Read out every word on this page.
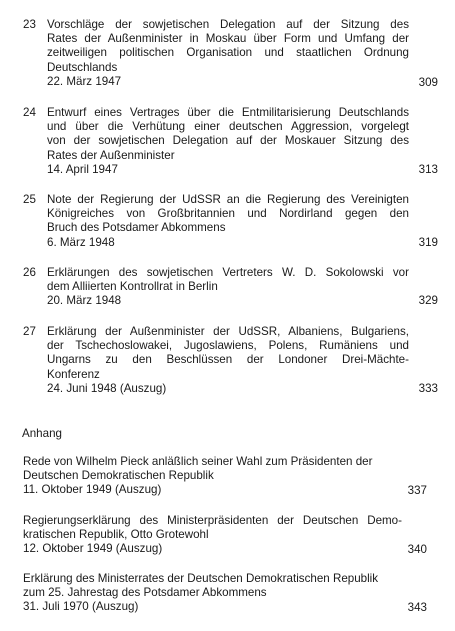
23 Vorschläge der sowjetischen Delegation auf der Sitzung des
Rates der Außenminister in Moskau über Form und Umfang der
zeitweiligen politischen Organisation und staatlichen Ordnung
Deutschlands
22. März 1947	309
24 Entwurf eines Vertrages über die Entmilitarisierung Deutschlands
und über die Verhütung einer deutschen Aggression, vorgelegt
von der sowjetischen Delegation auf der Moskauer Sitzung des
Rates der Außenminister
14. April 1947	313
25 Note der Regierung der UdSSR an die Regierung des Vereinigten
Königreiches von Großbritannien und Nordirland gegen den
Bruch des Potsdamer Abkommens
6. März 1948	319
26 Erklärungen des sowjetischen Vertreters W. D. Sokolowski vor
dem Alliierten Kontrollrat in Berlin
20. März 1948	329
27 Erklärung der Außenminister der UdSSR, Albaniens, Bulgariens,
der Tschechoslowakei, Jugoslawiens, Polens, Rumäniens und
Ungarns zu den Beschlüssen der Londoner Drei-Mächte-
Konferenz
24. Juni 1948 (Auszug)	333
Anhang
Rede von Wilhelm Pieck anläßlich seiner Wahl zum Präsidenten der
Deutschen Demokratischen Republik
11. Oktober 1949 (Auszug)	337
Regierungserklärung des Ministerpräsidenten der Deutschen Demo-
kratischen Republik, Otto Grotewohl
12. Oktober 1949 (Auszug)	340
Erklärung des Ministerrates der Deutschen Demokratischen Republik
zum 25. Jahrestag des Potsdamer Abkommens
31. Juli 1970 (Auszug)	343
